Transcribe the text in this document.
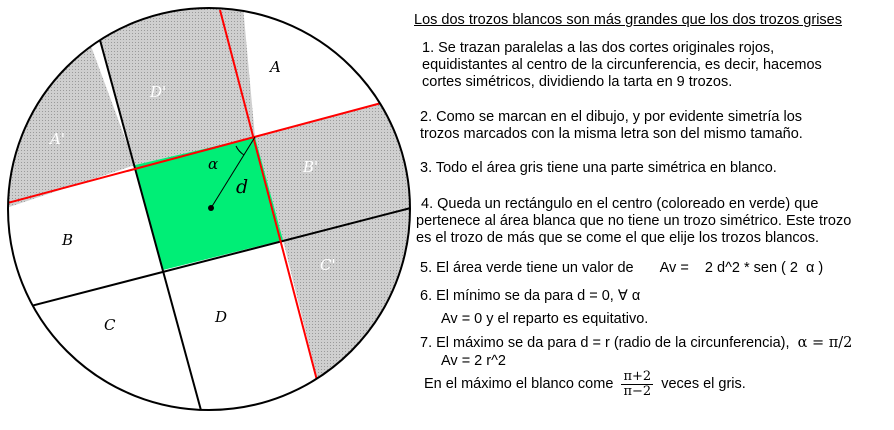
A
D'
A'
B'
B
C'
C	D
α
d
Los dos trozos blancos son más grandes que los dos trozos grises
1. Se trazan paralelas a las dos cortes originales rojos,
equidistantes al centro de la circunferencia, es decir, hacemos
cortes simétricos, dividiendo la tarta en 9 trozos.
2. Como se marcan en el dibujo, y por evidente simetría los
trozos marcados con la misma letra son del mismo tamaño.
3. Todo el área gris tiene una parte simétrica en blanco.
4. Queda un rectángulo en el centro (coloreado en verde) que
pertenece al área blanca que no tiene un trozo simétrico. Este trozo
es el trozo de más que se come el que elije los trozos blancos.
5. El área verde tiene un valor de Av =    2 d^2 * sen ( 2  α )
6. El mínimo se da para d = 0, ∀ α
Av = 0 y el reparto es equitativo.
7. El máximo se da para d = r (radio de la circunferencia), α = π/2
Av = 2 r^2
En el máximo el blanco come $\frac{\pi+2}{\pi-2}$ veces el gris.
